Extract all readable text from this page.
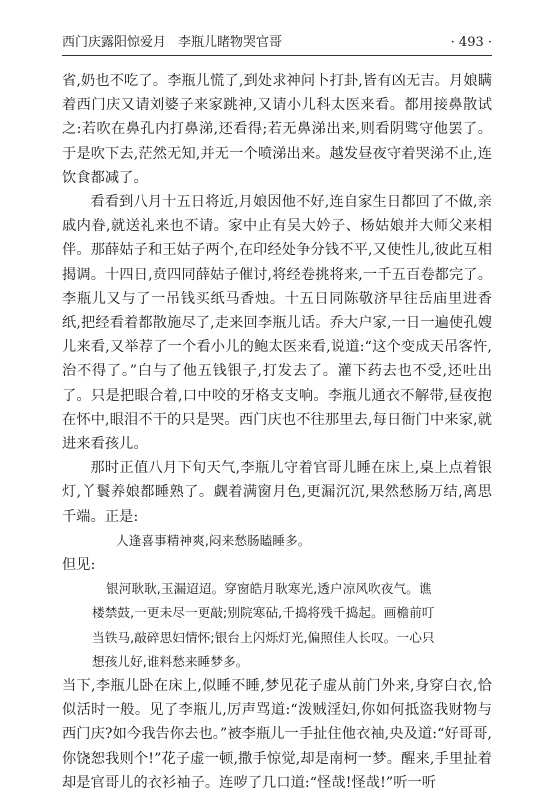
西门庆露阳惊爱月 李瓶儿睹物哭官哥	· 493 ·

省,奶也不吃了。李瓶儿慌了,到处求神问卜打卦,皆有凶无吉。月娘瞒着西门庆又请刘婆子来家跳神,又请小儿科太医来看。都用接鼻散试之:若吹在鼻孔内打鼻涕,还看得;若无鼻涕出来,则看阴骘守他罢了。于是吹下去,茫然无知,并无一个喷涕出来。越发昼夜守着哭涕不止,连饮食都减了。

看看到八月十五日将近,月娘因他不好,连自家生日都回了不做,亲戚内眷,就送礼来也不请。家中止有吴大妗子、杨姑娘并大师父来相伴。那薛姑子和王姑子两个,在印经处争分钱不平,又使性儿,彼此互相揭调。十四日,贲四同薛姑子催讨,将经卷挑将来,一千五百卷都完了。李瓶儿又与了一吊钱买纸马香烛。十五日同陈敬济早往岳庙里进香纸,把经看着都散施尽了,走来回李瓶儿话。乔大户家,一日一遍使孔嫂儿来看,又举荐了一个看小儿的鲍太医来看,说道:“这个变成天吊客忤,治不得了。”白与了他五钱银子,打发去了。灌下药去也不受,还吐出了。只是把眼合着,口中咬的牙格支支响。李瓶儿通衣不解带,昼夜抱在怀中,眼泪不干的只是哭。西门庆也不往那里去,每日衙门中来家,就进来看孩儿。

那时正值八月下旬天气,李瓶儿守着官哥儿睡在床上,桌上点着银灯,丫鬟养娘都睡熟了。觑着满窗月色,更漏沉沉,果然愁肠万结,离思千端。正是:

人逢喜事精神爽,闷来愁肠瞌睡多。

但见:

银河耿耿,玉漏迢迢。穿窗皓月耿寒光,透户凉风吹夜气。谯

楼禁鼓,一更未尽一更敲;别院寒砧,千捣将残千捣起。画檐前叮

当铁马,敲碎思妇情怀;银台上闪烁灯光,偏照佳人长叹。一心只

想孩儿好,谁料愁来睡梦多。

当下,李瓶儿卧在床上,似睡不睡,梦见花子虚从前门外来,身穿白衣,恰似活时一般。见了李瓶儿,厉声骂道:“泼贼淫妇,你如何抵盗我财物与西门庆?如今我告你去也。”被李瓶儿一手扯住他衣袖,央及道:“好哥哥,你饶恕我则个!”花子虚一顿,撒手惊觉,却是南柯一梦。醒来,手里扯着却是官哥儿的衣衫袖子。连哕了几口道:“怪哉!怪哉!”听一听
